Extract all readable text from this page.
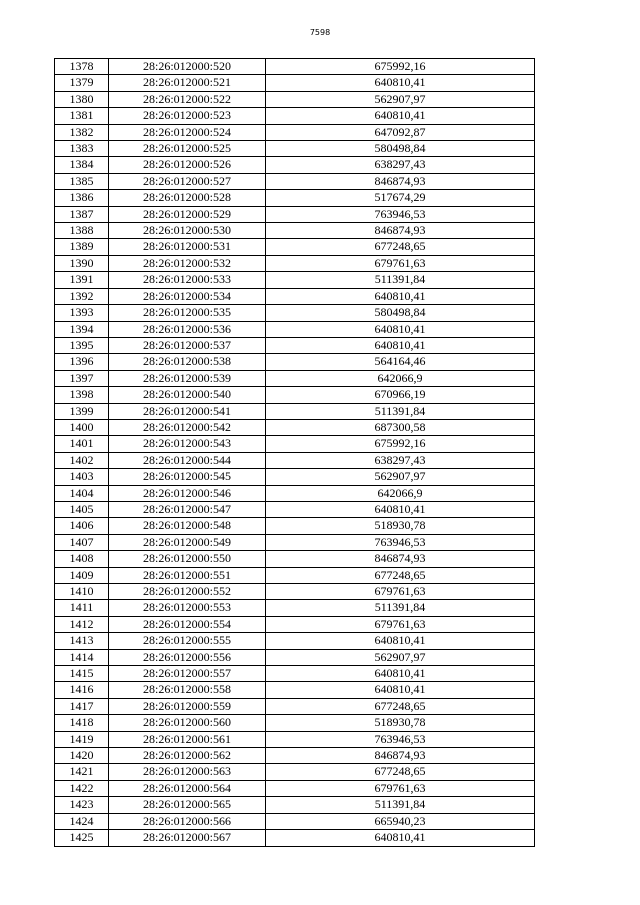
7598
1378	28:26:012000:520	675992,16
1379	28:26:012000:521	640810,41
1380	28:26:012000:522	562907,97
1381	28:26:012000:523	640810,41
1382	28:26:012000:524	647092,87
1383	28:26:012000:525	580498,84
1384	28:26:012000:526	638297,43
1385	28:26:012000:527	846874,93
1386	28:26:012000:528	517674,29
1387	28:26:012000:529	763946,53
1388	28:26:012000:530	846874,93
1389	28:26:012000:531	677248,65
1390	28:26:012000:532	679761,63
1391	28:26:012000:533	511391,84
1392	28:26:012000:534	640810,41
1393	28:26:012000:535	580498,84
1394	28:26:012000:536	640810,41
1395	28:26:012000:537	640810,41
1396	28:26:012000:538	564164,46
1397	28:26:012000:539	642066,9
1398	28:26:012000:540	670966,19
1399	28:26:012000:541	511391,84
1400	28:26:012000:542	687300,58
1401	28:26:012000:543	675992,16
1402	28:26:012000:544	638297,43
1403	28:26:012000:545	562907,97
1404	28:26:012000:546	642066,9
1405	28:26:012000:547	640810,41
1406	28:26:012000:548	518930,78
1407	28:26:012000:549	763946,53
1408	28:26:012000:550	846874,93
1409	28:26:012000:551	677248,65
1410	28:26:012000:552	679761,63
1411	28:26:012000:553	511391,84
1412	28:26:012000:554	679761,63
1413	28:26:012000:555	640810,41
1414	28:26:012000:556	562907,97
1415	28:26:012000:557	640810,41
1416	28:26:012000:558	640810,41
1417	28:26:012000:559	677248,65
1418	28:26:012000:560	518930,78
1419	28:26:012000:561	763946,53
1420	28:26:012000:562	846874,93
1421	28:26:012000:563	677248,65
1422	28:26:012000:564	679761,63
1423	28:26:012000:565	511391,84
1424	28:26:012000:566	665940,23
1425	28:26:012000:567	640810,41
